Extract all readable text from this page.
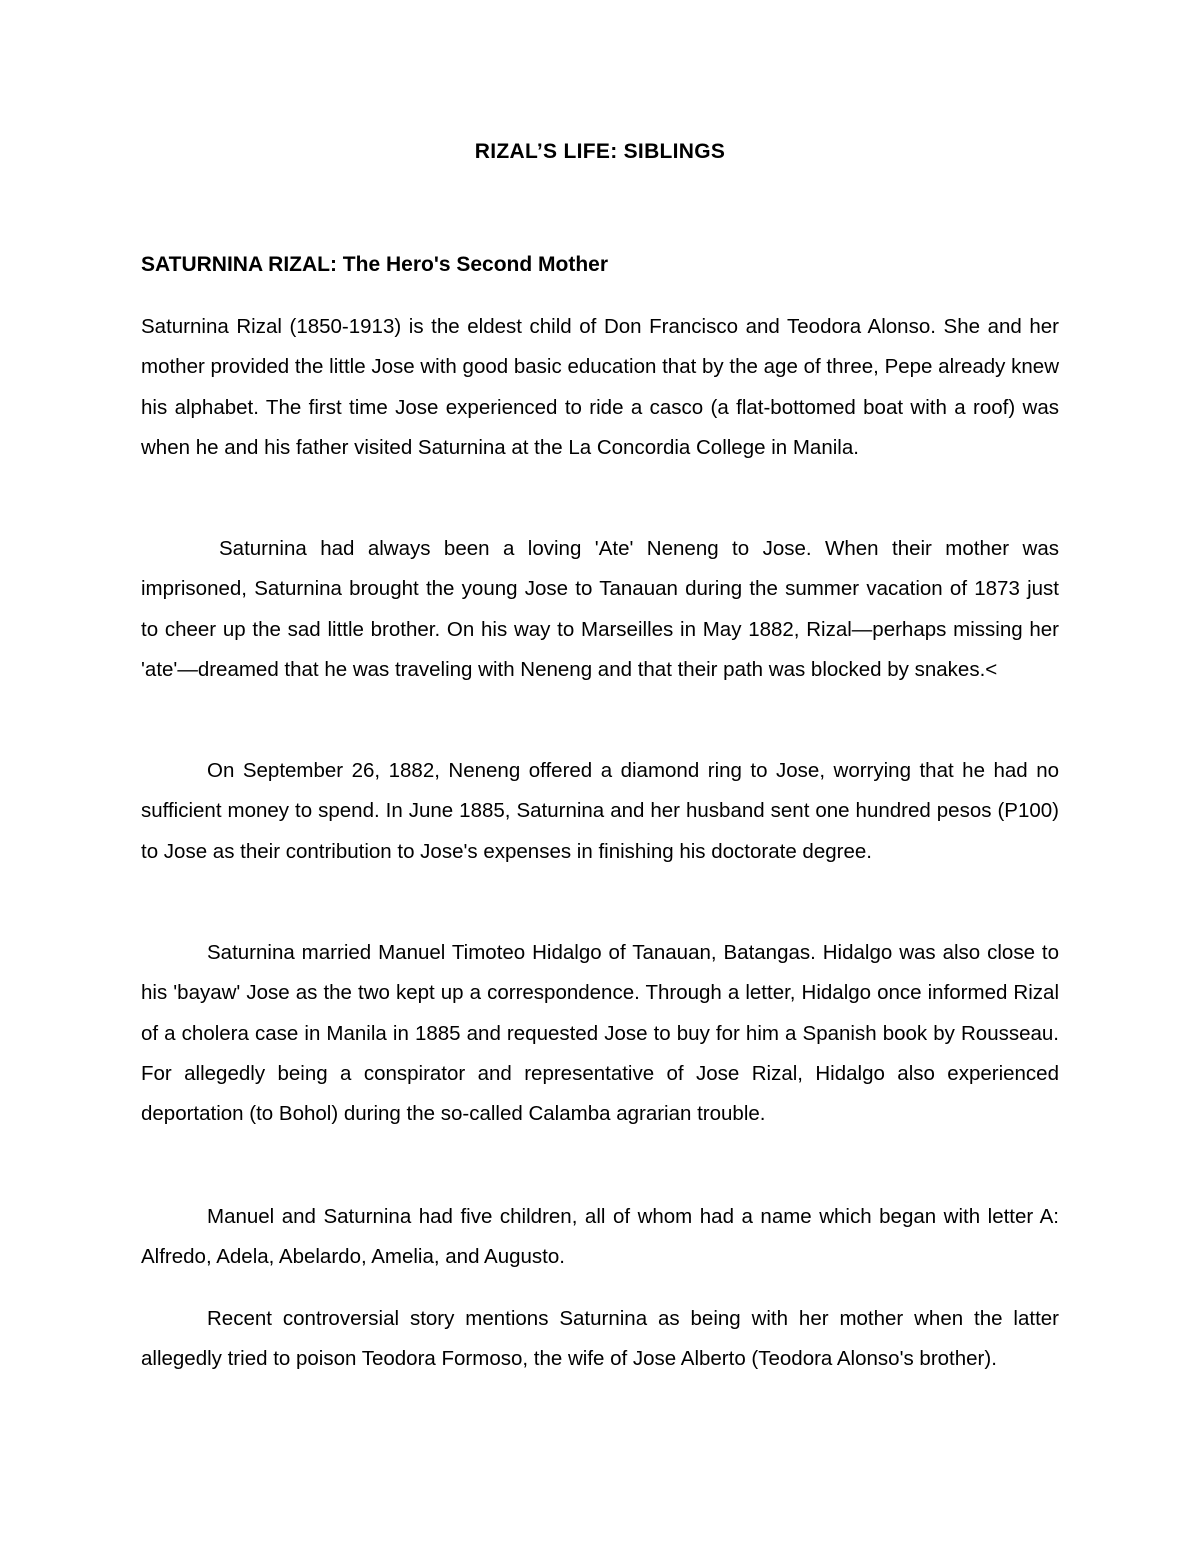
RIZAL’S LIFE: SIBLINGS
SATURNINA RIZAL: The Hero's Second Mother

Saturnina Rizal (1850-1913) is the eldest child of Don Francisco and Teodora Alonso. She and her mother provided the little Jose with good basic education that by the age of three, Pepe already knew his alphabet. The first time Jose experienced to ride a casco (a flat-bottomed boat with a roof) was when he and his father visited Saturnina at the La Concordia College in Manila.

Saturnina had always been a loving 'Ate' Neneng to Jose. When their mother was imprisoned, Saturnina brought the young Jose to Tanauan during the summer vacation of 1873 just to cheer up the sad little brother. On his way to Marseilles in May 1882, Rizal—perhaps missing her 'ate'—dreamed that he was traveling with Neneng and that their path was blocked by snakes.<

On September 26, 1882, Neneng offered a diamond ring to Jose, worrying that he had no sufficient money to spend. In June 1885, Saturnina and her husband sent one hundred pesos (P100) to Jose as their contribution to Jose's expenses in finishing his doctorate degree.

Saturnina married Manuel Timoteo Hidalgo of Tanauan, Batangas. Hidalgo was also close to his 'bayaw' Jose as the two kept up a correspondence. Through a letter, Hidalgo once informed Rizal of a cholera case in Manila in 1885 and requested Jose to buy for him a Spanish book by Rousseau. For allegedly being a conspirator and representative of Jose Rizal, Hidalgo also experienced deportation (to Bohol) during the so-called Calamba agrarian trouble.

Manuel and Saturnina had five children, all of whom had a name which began with letter A: Alfredo, Adela, Abelardo, Amelia, and Augusto.

Recent controversial story mentions Saturnina as being with her mother when the latter allegedly tried to poison Teodora Formoso, the wife of Jose Alberto (Teodora Alonso's brother).
